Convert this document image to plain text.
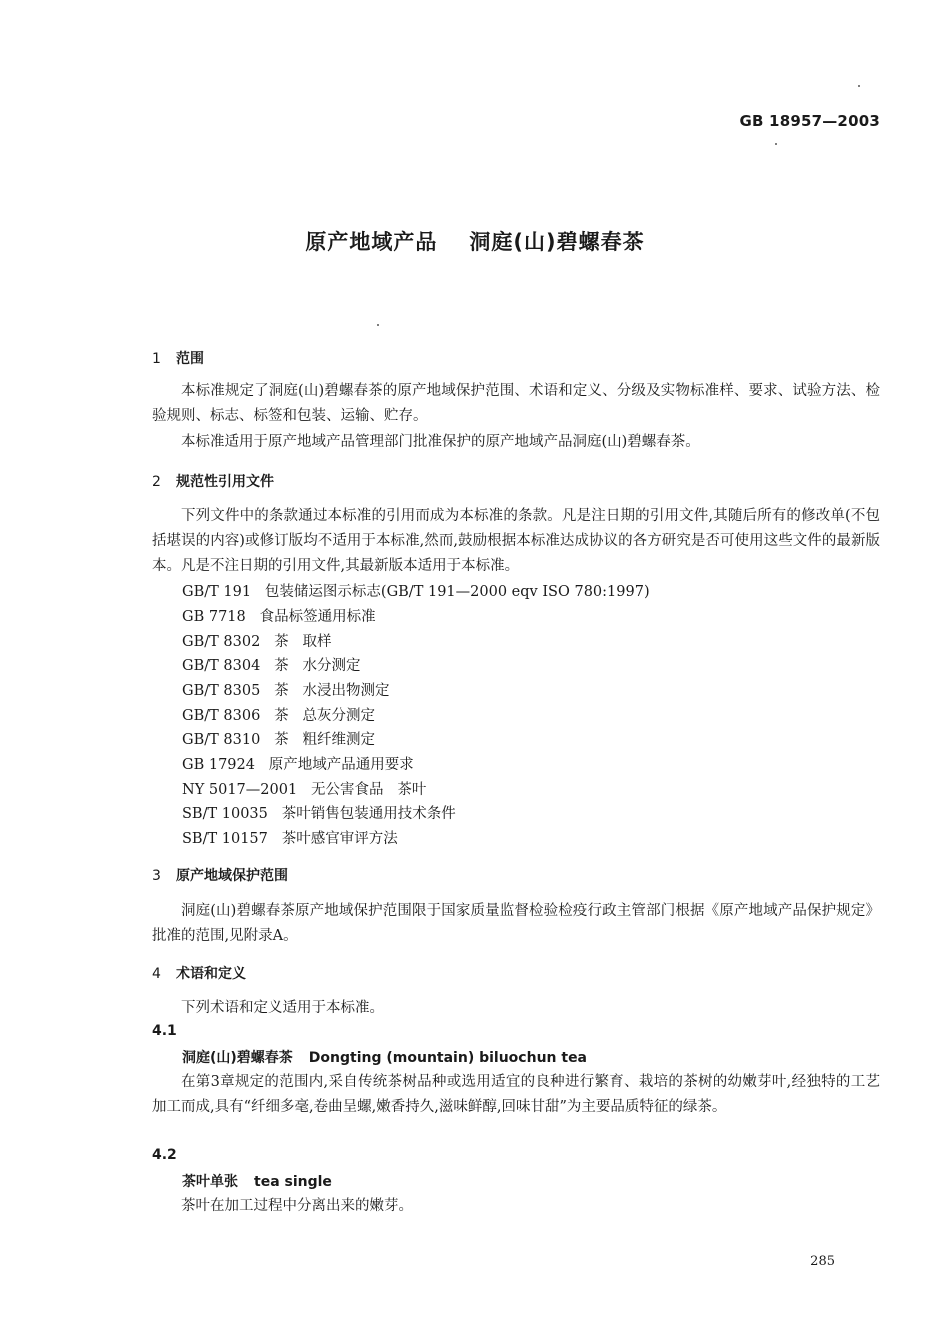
GB 18957—2003
原产地域产品 洞庭(山)碧螺春茶
1 范围
本标准规定了洞庭(山)碧螺春茶的原产地域保护范围、术语和定义、分级及实物标准样、要求、试验方法、检验规则、标志、标签和包装、运输、贮存。
本标准适用于原产地域产品管理部门批准保护的原产地域产品洞庭(山)碧螺春茶。
2 规范性引用文件
下列文件中的条款通过本标准的引用而成为本标准的条款。凡是注日期的引用文件,其随后所有的修改单(不包括堪误的内容)或修订版均不适用于本标准,然而,鼓励根据本标准达成协议的各方研究是否可使用这些文件的最新版本。凡是不注日期的引用文件,其最新版本适用于本标准。
GB/T 191   包装储运图示标志(GB/T 191—2000 eqv ISO 780:1997)
GB 7718   食品标签通用标准
GB/T 8302   茶   取样
GB/T 8304   茶   水分测定
GB/T 8305   茶   水浸出物测定
GB/T 8306   茶   总灰分测定
GB/T 8310   茶   粗纤维测定
GB 17924   原产地域产品通用要求
NY 5017—2001   无公害食品   茶叶
SB/T 10035   茶叶销售包装通用技术条件
SB/T 10157   茶叶感官审评方法
3 原产地域保护范围
洞庭(山)碧螺春茶原产地域保护范围限于国家质量监督检验检疫行政主管部门根据《原产地域产品保护规定》批准的范围,见附录A。
4 术语和定义
下列术语和定义适用于本标准。
4.1
洞庭(山)碧螺春茶 Dongting (mountain) biluochun tea
在第3章规定的范围内,采自传统茶树品种或选用适宜的良种进行繁育、栽培的茶树的幼嫩芽叶,经独特的工艺加工而成,具有“纤细多毫,卷曲呈螺,嫩香持久,滋味鲜醇,回味甘甜”为主要品质特征的绿茶。
4.2
茶叶单张 tea single
茶叶在加工过程中分离出来的嫩芽。
285
